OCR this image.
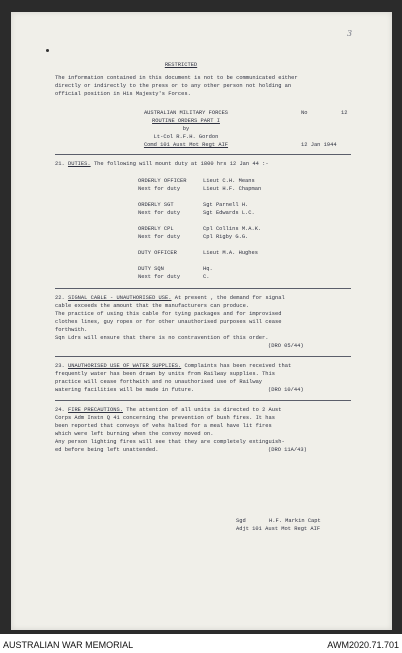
3
RESTRICTED
The information contained in this document is not to be communicated either
directly or indirectly to the press or to any other person not holding an
official position in His Majesty's Forces.
AUSTRALIAN MILITARY FORCES
ROUTINE ORDERS PART I
by
Lt-Col R.F.H. Gordon
Comd 101 Aust Mot Regt AIF
No	12
12 Jan 1944
21. DUTIES. The following will mount duty at 1800 hrs 12 Jan 44 :-
ORDERLY OFFICER	Lieut C.H. Means
Next for duty	Lieut H.F. Chapman
ORDERLY SGT	Sgt Parnell H.
Next for duty	Sgt Edwards L.C.
ORDERLY CPL	Cpl Collins M.A.K.
Next for duty	Cpl Rigby G.G.
DUTY OFFICER	Lieut M.A. Hughes
DUTY SQN	Hq.
Next for duty	C.
22. SIGNAL CABLE - UNAUTHORISED USE. At present , the demand for signal
cable exceeds the amount that the manufacturers can produce.
The practice of using this cable for tying packages and for improvised
clothes lines, guy ropes or for other unauthorised purposes will cease
forthwith.
Sqn Ldrs will ensure that there is no contravention of this order.
(DRO 05/44)
23. UNAUTHORISED USE OF WATER SUPPLIES. Complaints has been received that
frequently water has been drawn by units from Railway supplies. This
practice will cease forthwith and no unauthorised use of Railway
watering facilities will be made in future.	(DRO 10/44)
24. FIRE PRECAUTIONS. The attention of all units is directed to 2 Aust
Corps Adm Instn Q 41 concerning the prevention of bush fires. It has
been reported that convoys of vehs halted for a meal have lit fires
which were left burning when the convoy moved on.
Any person lighting fires will see that they are completely extinguish-
ed before being left unattended.	(DRO 11A/43)
Sgd	H.F. Markin Capt
Adjt 101 Aust Mot Regt AIF
AUSTRALIAN WAR MEMORIAL	AWM2020.71.701
